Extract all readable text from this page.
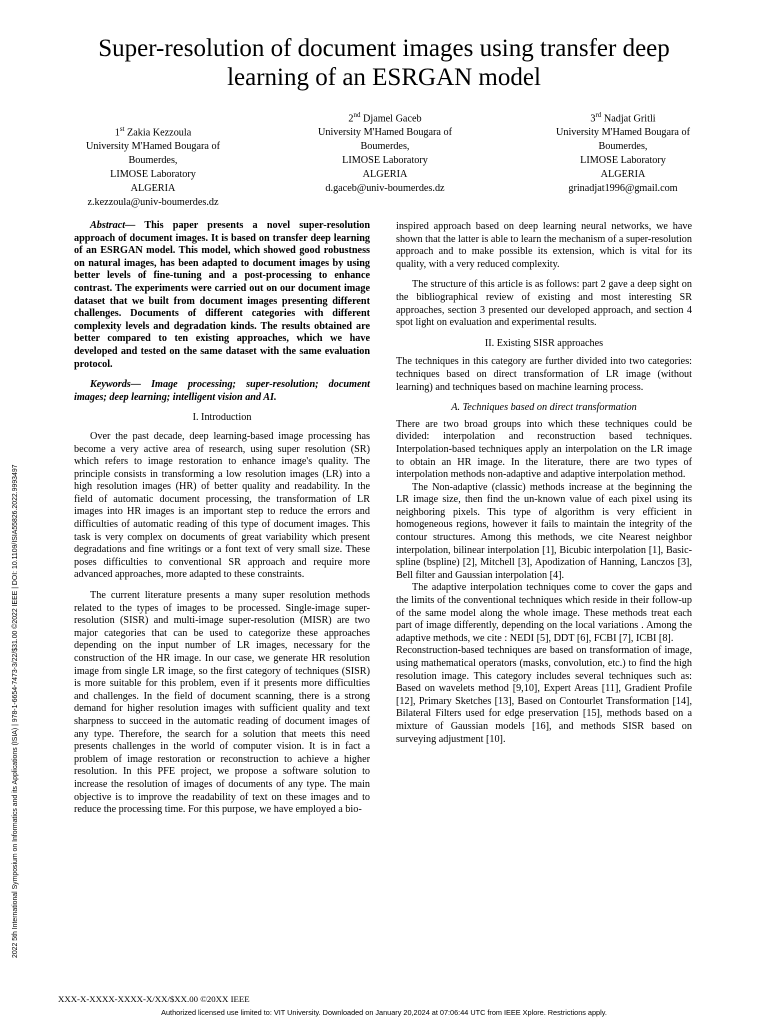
Super-resolution of document images using transfer deep
learning of an ESRGAN model
1st Zakia Kezzoula
University M'Hamed Bougara of
Boumerdes,
LIMOSE Laboratory
ALGERIA
z.kezzoula@univ-boumerdes.dz
2nd Djamel Gaceb
University M'Hamed Bougara of
Boumerdes,
LIMOSE Laboratory
ALGERIA
d.gaceb@univ-boumerdes.dz
3rd Nadjat Gritli
University M'Hamed Bougara of
Boumerdes,
LIMOSE Laboratory
ALGERIA
grinadjat1996@gmail.com

Abstract— This paper presents a novel super-resolution approach of document images. It is based on transfer deep learning of an ESRGAN model. This model, which showed good robustness on natural images, has been adapted to document images by using better levels of fine-tuning and a post-processing to enhance contrast. The experiments were carried out on our document image dataset that we built from document images presenting different challenges. Documents of different categories with different complexity levels and degradation kinds. The results obtained are better compared to ten existing approaches, which we have developed and tested on the same dataset with the same evaluation protocol.

Keywords— Image processing; super-resolution; document images; deep learning; intelligent vision and AI.

I. Introduction

Over the past decade, deep learning-based image processing has become a very active area of research, using super resolution (SR) which refers to image restoration to enhance image's quality. The principle consists in transforming a low resolution images (LR) into a high resolution images (HR) of better quality and readability. In the field of automatic document processing, the transformation of LR images into HR images is an important step to reduce the errors and difficulties of automatic reading of this type of document images. This task is very complex on documents of great variability which present degradations and fine writings or a font text of very small size. These poses difficulties to conventional SR approach and require more advanced approaches, more adapted to these constraints.

The current literature presents a many super resolution methods related to the types of images to be processed. Single-image super-resolution (SISR) and multi-image super-resolution (MISR) are two major categories that can be used to categorize these approaches depending on the input number of LR images, necessary for the construction of the HR image. In our case, we generate HR resolution image from single LR image, so the first category of techniques (SISR) is more suitable for this problem, even if it presents more difficulties and challenges. In the field of document scanning, there is a strong demand for higher resolution images with sufficient quality and text sharpness to succeed in the automatic reading of document images of any type. Therefore, the search for a solution that meets this need presents challenges in the world of computer vision. It is in fact a problem of image restoration or reconstruction to achieve a higher resolution. In this PFE project, we propose a software solution to increase the resolution of images of documents of any type. The main objective is to improve the readability of text on these images and to reduce the processing time. For this purpose, we have employed a bio-

inspired approach based on deep learning neural networks, we have shown that the latter is able to learn the mechanism of a super-resolution approach and to make possible its extension, which is vital for its quality, with a very reduced complexity.

The structure of this article is as follows: part 2 gave a deep sight on the bibliographical review of existing and most interesting SR approaches, section 3 presented our developed approach, and section 4 spot light on evaluation and experimental results.

II. Existing SISR approaches

The techniques in this category are further divided into two categories: techniques based on direct transformation of LR image (without learning) and techniques based on machine learning process.

A. Techniques based on direct transformation

There are two broad groups into which these techniques could be divided: interpolation and reconstruction based techniques. Interpolation-based techniques apply an interpolation on the LR image to obtain an HR image. In the literature, there are two types of interpolation methods non-adaptive and adaptive interpolation method.

The Non-adaptive (classic) methods increase at the beginning the LR image size, then find the un-known value of each pixel using its neighboring pixels. This type of algorithm is very efficient in homogeneous regions, however it fails to maintain the integrity of the contour structures. Among this methods, we cite Nearest neighbor interpolation, bilinear interpolation [1], Bicubic interpolation [1], Basic-spline (bspline) [2], Mitchell [3], Apodization of Hanning, Lanczos [3], Bell filter and Gaussian interpolation [4].

The adaptive interpolation techniques come to cover the gaps and the limits of the conventional techniques which reside in their follow-up of the same model along the whole image. These methods treat each part of image differently, depending on the local variations . Among the adaptive methods, we cite : NEDI [5], DDT [6], FCBI [7], ICBI [8].

Reconstruction-based techniques are based on transformation of image, using mathematical operators (masks, convolution, etc.) to find the high resolution image. This category includes several techniques such as: Based on wavelets method [9,10], Expert Areas [11], Gradient Profile [12], Primary Sketches [13], Based on Contourlet Transformation [14], Bilateral Filters used for edge preservation [15], methods based on a mixture of Gaussian models [16], and methods SISR based on surveying adjustment [10].

2022 5th International Symposium on Informatics and its Applications (ISIA) | 978-1-6654-7473-3/22/$31.00 ©2022 IEEE | DOI: 10.1109/ISIA55826.2022.9993497
XXX-X-XXXX-XXXX-X/XX/$XX.00 ©20XX IEEE
Authorized licensed use limited to: VIT University. Downloaded on January 20,2024 at 07:06:44 UTC from IEEE Xplore. Restrictions apply.
